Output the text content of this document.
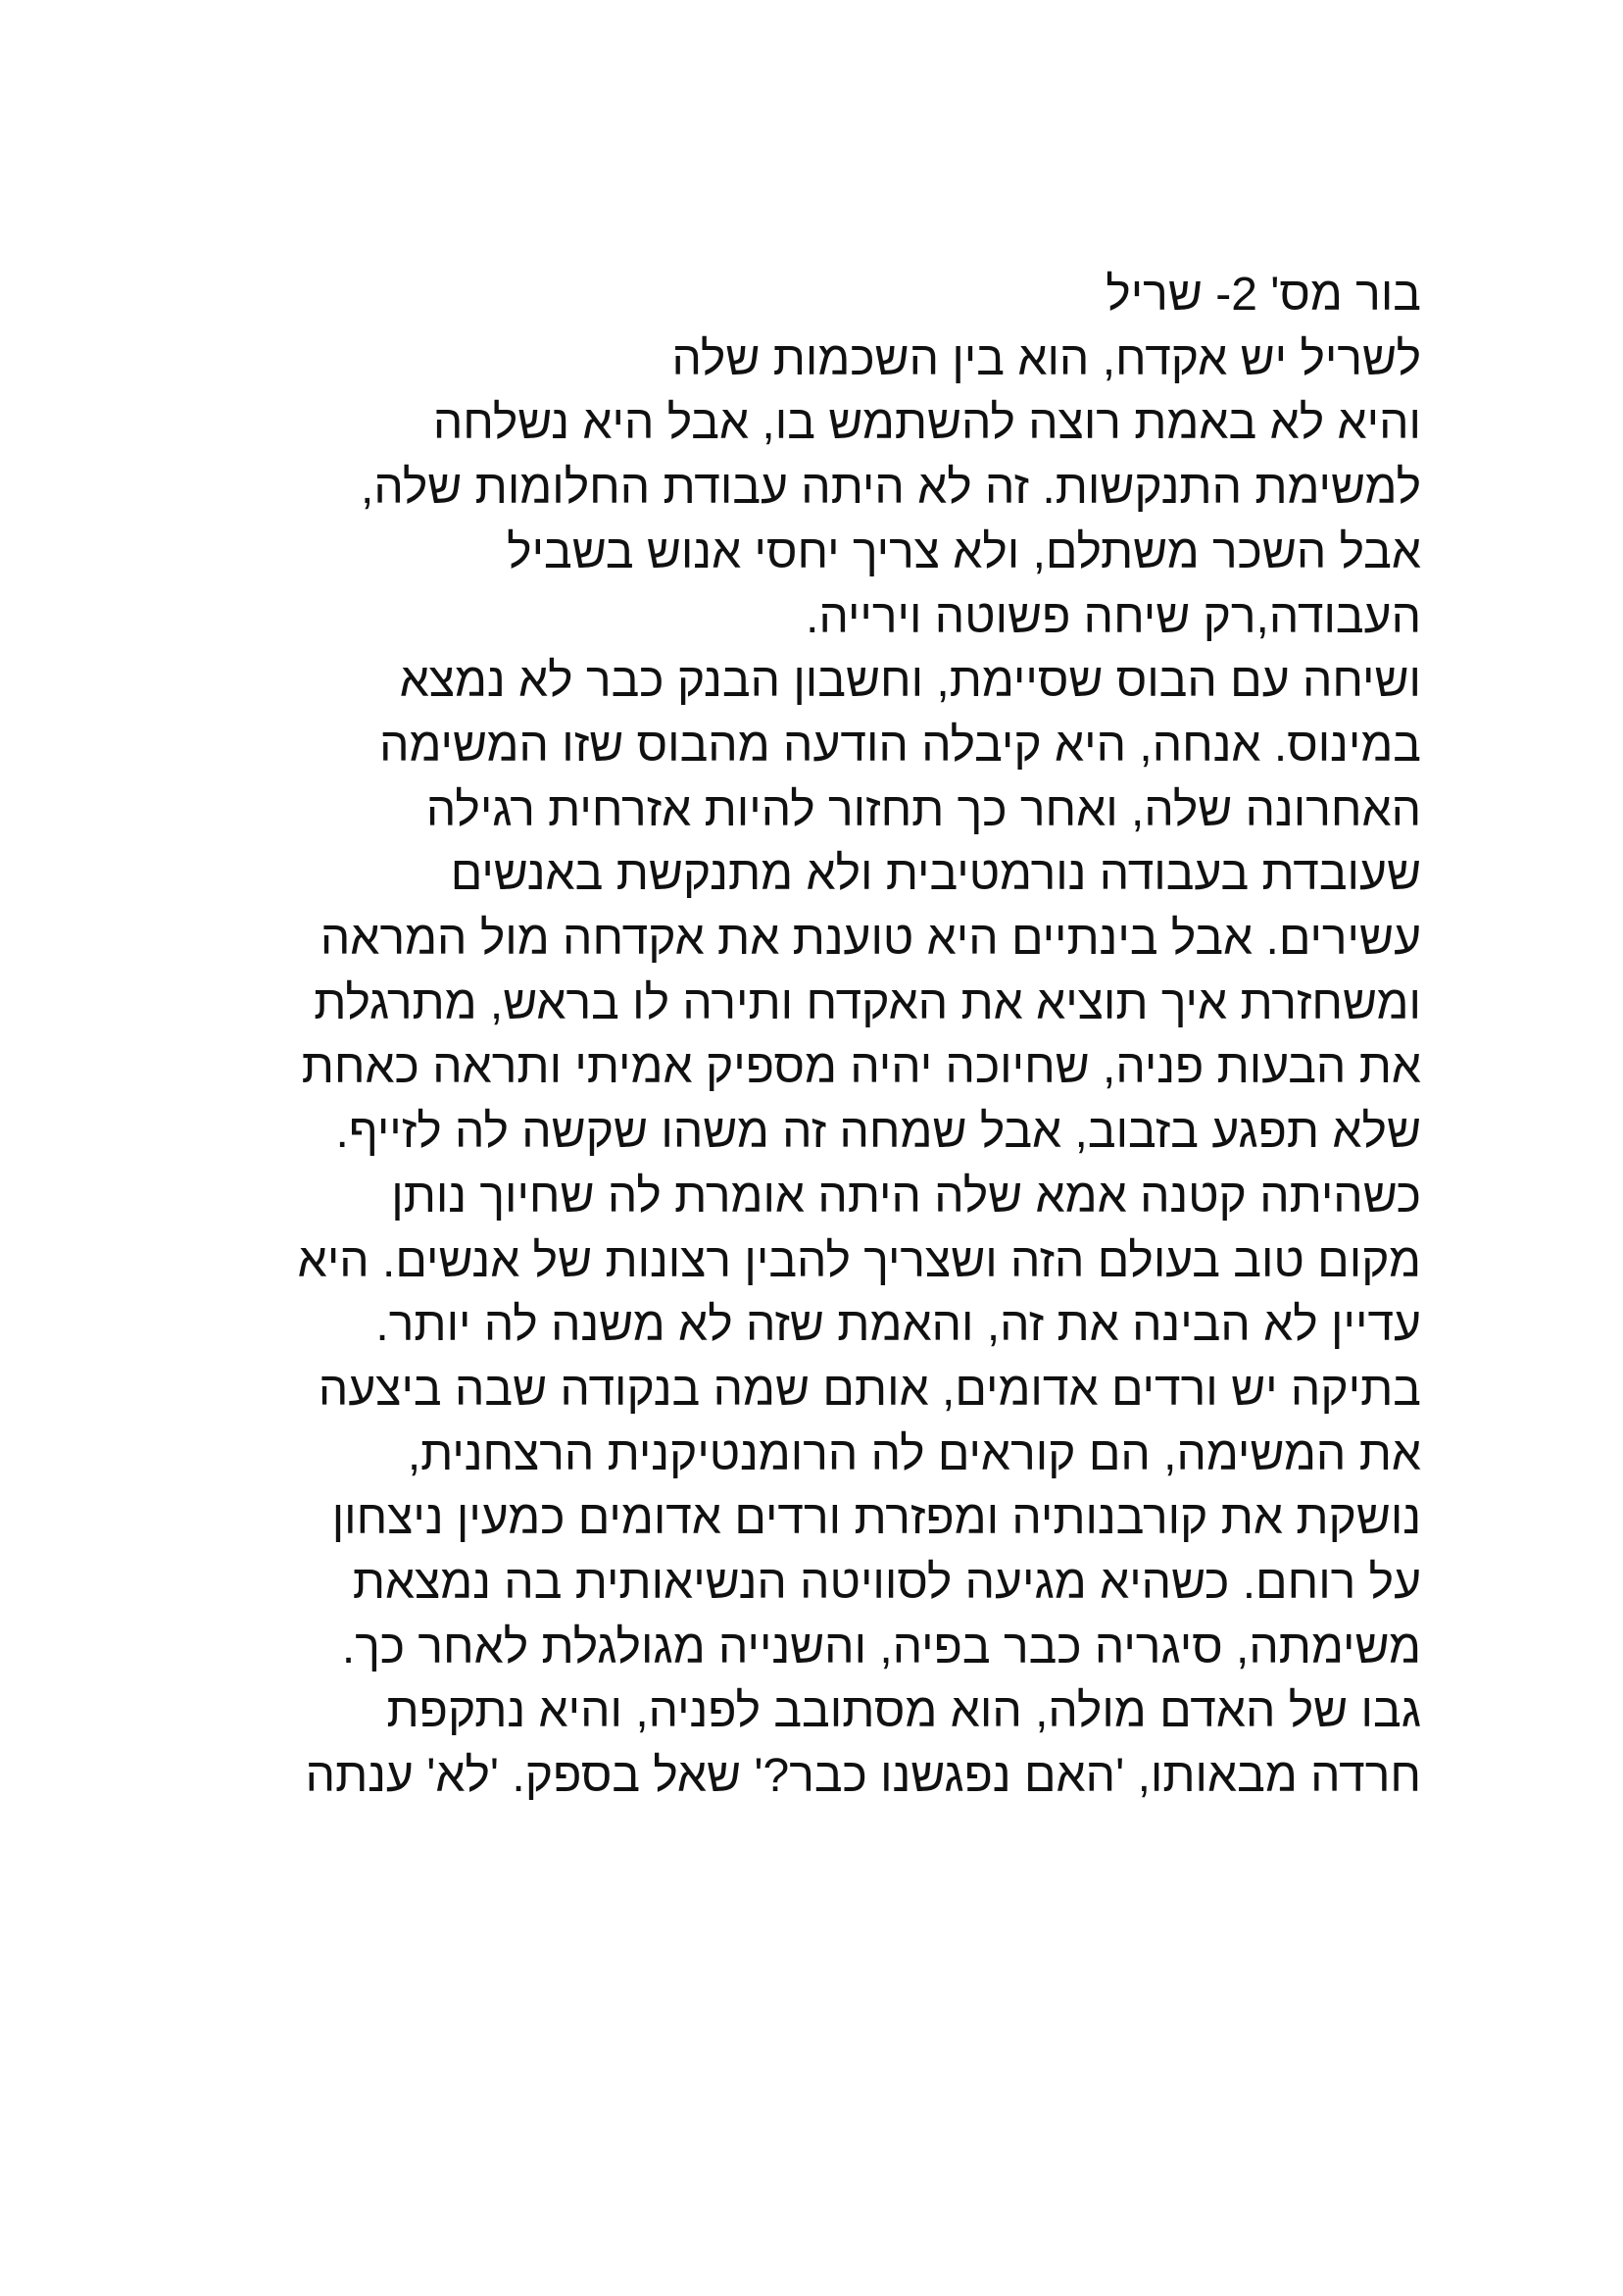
בור מס' 2- שריל
לשריל יש אקדח, הוא בין השכמות שלה
והיא לא באמת רוצה להשתמש בו, אבל היא נשלחה
למשימת התנקשות. זה לא היתה עבודת החלומות שלה,
אבל השכר משתלם, ולא צריך יחסי אנוש בשביל
העבודה,רק שיחה פשוטה וירייה.
ושיחה עם הבוס שסיימת, וחשבון הבנק כבר לא נמצא
במינוס. אנחה, היא קיבלה הודעה מהבוס שזו המשימה
האחרונה שלה, ואחר כך תחזור להיות אזרחית רגילה
שעובדת בעבודה נורמטיבית ולא מתנקשת באנשים
עשירים. אבל בינתיים היא טוענת את אקדחה מול המראה
ומשחזרת איך תוציא את האקדח ותירה לו בראש, מתרגלת
את הבעות פניה, שחיוכה יהיה מספיק אמיתי ותראה כאחת
שלא תפגע בזבוב, אבל שמחה זה משהו שקשה לה לזייף.
כשהיתה קטנה אמא שלה היתה אומרת לה שחיוך נותן
מקום טוב בעולם הזה ושצריך להבין רצונות של אנשים. היא
עדיין לא הבינה את זה, והאמת שזה לא משנה לה יותר.
בתיקה יש ורדים אדומים, אותם שמה בנקודה שבה ביצעה
את המשימה, הם קוראים לה הרומנטיקנית הרצחנית,
נושקת את קורבנותיה ומפזרת ורדים אדומים כמעין ניצחון
על רוחם. כשהיא מגיעה לסוויטה הנשיאותית בה נמצאת
משימתה, סיגריה כבר בפיה, והשנייה מגולגלת לאחר כך.
גבו של האדם מולה, הוא מסתובב לפניה, והיא נתקפת
חרדה מבאותו, 'האם נפגשנו כבר?' שאל בספק. 'לא' ענתה
